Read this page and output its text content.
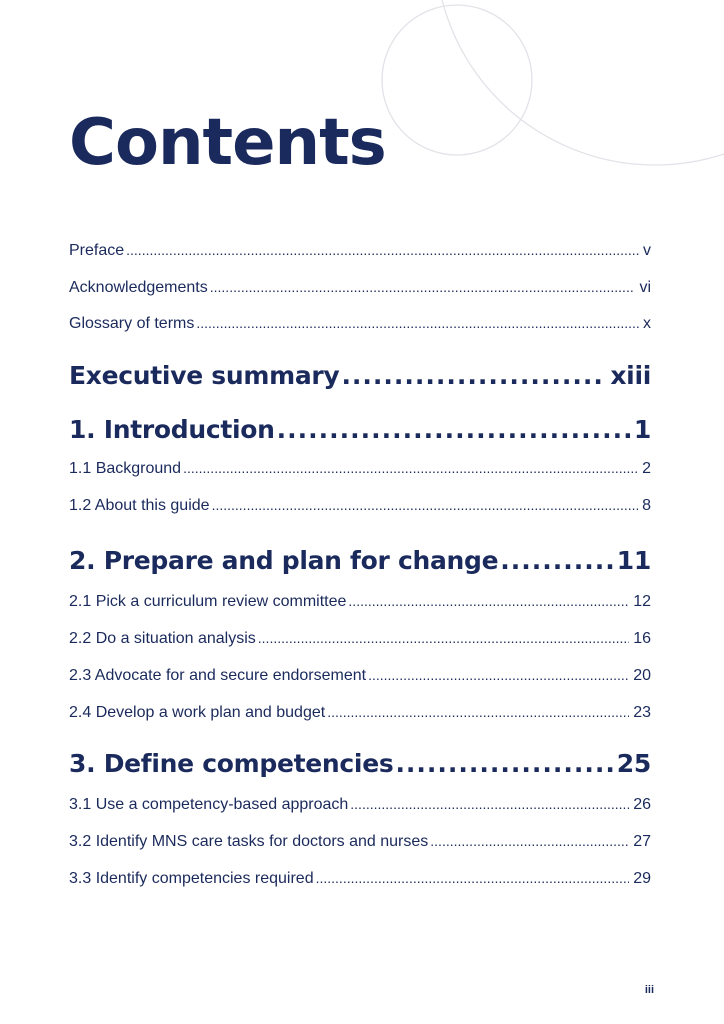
Contents
Preface .....	v
Acknowledgements .....	vi
Glossary of terms .....	x
Executive summary .....	xiii
1. Introduction .....	1
1.1 Background .....	2
1.2 About this guide .....	8
2. Prepare and plan for change .....	11
2.1 Pick a curriculum review committee .....	12
2.2 Do a situation analysis .....	16
2.3 Advocate for and secure endorsement .....	20
2.4 Develop a work plan and budget .....	23
3. Define competencies .....	25
3.1 Use a competency-based approach .....	26
3.2 Identify MNS care tasks for doctors and nurses .....	27
3.3 Identify competencies required .....	29
iii
